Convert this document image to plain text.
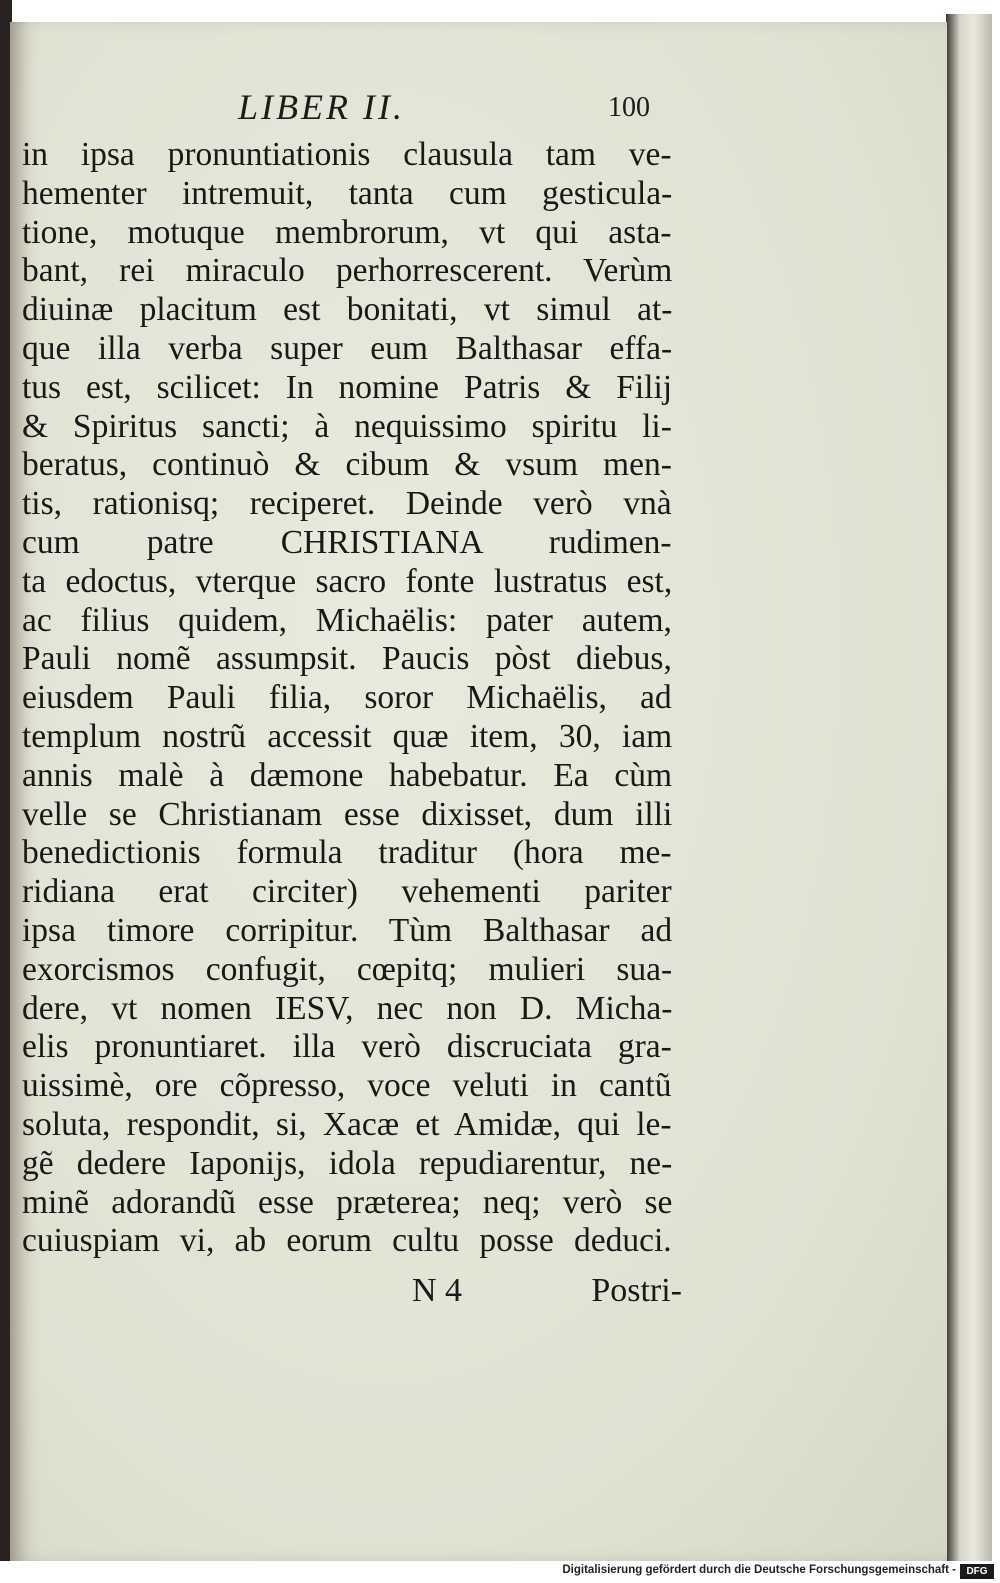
LIBER II.	100
in ipsa pronuntiationis clausula tam ve-
hementer intremuit, tanta cum gesticula-
tione, motuque membrorum, vt qui asta-
bant, rei miraculo perhorrescerent. Verùm
diuinæ placitum est bonitati, vt simul at-
que illa verba super eum Balthasar effa-
tus est, scilicet: In nomine Patris & Filij
& Spiritus sancti; à nequissimo spiritu li-
beratus, continuò & cibum & vsum men-
tis, rationisq; reciperet. Deinde verò vnà
cum patre CHRISTIANA rudimen-
ta edoctus, vterque sacro fonte lustratus est,
ac filius quidem, Michaëlis: pater autem,
Pauli nomẽ assumpsit. Paucis pòst diebus,
eiusdem Pauli filia, soror Michaëlis, ad
templum nostrũ accessit quæ item, 30, iam
annis malè à dæmone habebatur. Ea cùm
velle se Christianam esse dixisset, dum illi
benedictionis formula traditur (hora me-
ridiana erat circiter) vehementi pariter
ipsa timore corripitur. Tùm Balthasar ad
exorcismos confugit, cœpitq; mulieri sua-
dere, vt nomen IESV, nec non D. Micha-
elis pronuntiaret. illa verò discruciata gra-
uissimè, ore cõpresso, voce veluti in cantũ
soluta, respondit, si, Xacæ et Amidæ, qui le-
gẽ dedere Iaponijs, idola repudiarentur, ne-
minẽ adorandũ esse præterea; neq; verò se
cuiuspiam vi, ab eorum cultu posse deduci.
N 4	Postri-
Digitalisierung gefördert durch die Deutsche Forschungsgemeinschaft -	DFG
